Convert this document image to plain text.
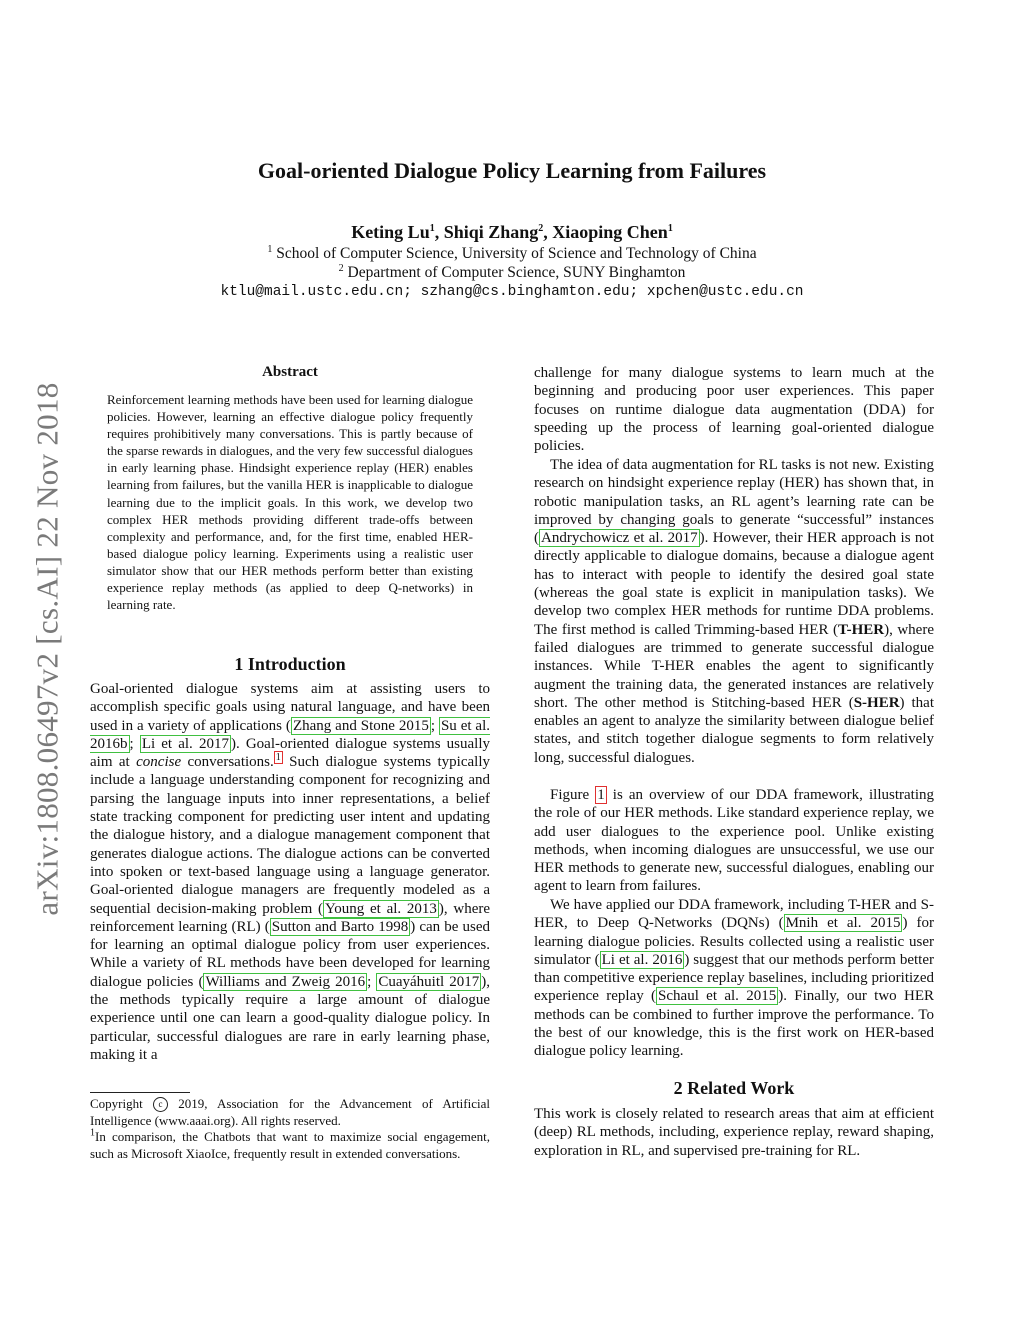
arXiv:1808.06497v2 [cs.AI] 22 Nov 2018
Goal-oriented Dialogue Policy Learning from Failures

Keting Lu$^1$, Shiqi Zhang$^2$, Xiaoping Chen$^1$

$^1$ School of Computer Science, University of Science and Technology of China

$^2$ Department of Computer Science, SUNY Binghamton

ktlu@mail.ustc.edu.cn; szhang@cs.binghamton.edu; xpchen@ustc.edu.cn

Abstract

Reinforcement learning methods have been used for learning dialogue policies. However, learning an effective dialogue policy frequently requires prohibitively many conversations. This is partly because of the sparse rewards in dialogues, and the very few successful dialogues in early learning phase. Hindsight experience replay (HER) enables learning from failures, but the vanilla HER is inapplicable to dialogue learning due to the implicit goals. In this work, we develop two complex HER methods providing different trade-offs between complexity and performance, and, for the first time, enabled HER-based dialogue policy learning. Experiments using a realistic user simulator show that our HER methods perform better than existing experience replay methods (as applied to deep Q-networks) in learning rate.

1 Introduction

Goal-oriented dialogue systems aim at assisting users to accomplish specific goals using natural language, and have been used in a variety of applications ( Zhang and Stone 2015 ; Su et al. 2016b ; Li et al. 2017 ). Goal-oriented dialogue systems usually aim at concise conversations. $^1$ Such dialogue systems typically include a language understanding component for recognizing and parsing the language inputs into inner representations, a belief state tracking component for predicting user intent and updating the dialogue history, and a dialogue management component that generates dialogue actions. The dialogue actions can be converted into spoken or text-based language using a language generator. Goal-oriented dialogue managers are frequently modeled as a sequential decision-making problem ( Young et al. 2013 ), where reinforcement learning (RL) ( Sutton and Barto 1998 ) can be used for learning an optimal dialogue policy from user experiences. While a variety of RL methods have been developed for learning dialogue policies ( Williams and Zweig 2016 ; Cuayáhuitl 2017 ), the methods typically require a large amount of dialogue experience until one can learn a good-quality dialogue policy. In particular, successful dialogues are rare in early learning phase, making it a

Copyright c 2019, Association for the Advancement of Artificial Intelligence (www.aaai.org). All rights reserved.

$^1$In comparison, the Chatbots that want to maximize social engagement, such as Microsoft XiaoIce, frequently result in extended conversations.

challenge for many dialogue systems to learn much at the beginning and producing poor user experiences. This paper focuses on runtime dialogue data augmentation (DDA) for speeding up the process of learning goal-oriented dialogue policies.

The idea of data augmentation for RL tasks is not new. Existing research on hindsight experience replay (HER) has shown that, in robotic manipulation tasks, an RL agent’s learning rate can be improved by changing goals to generate “successful” instances ( Andrychowicz et al. 2017 ). However, their HER approach is not directly applicable to dialogue domains, because a dialogue agent has to interact with people to identify the desired goal state (whereas the goal state is explicit in manipulation tasks). We develop two complex HER methods for runtime DDA problems. The first method is called Trimming-based HER (T-HER), where failed dialogues are trimmed to generate successful dialogue instances. While T-HER enables the agent to significantly augment the training data, the generated instances are relatively short. The other method is Stitching-based HER (S-HER) that enables an agent to analyze the similarity between dialogue belief states, and stitch together dialogue segments to form relatively long, successful dialogues.

Figure 1 is an overview of our DDA framework, illustrating the role of our HER methods. Like standard experience replay, we add user dialogues to the experience pool. Unlike existing methods, when incoming dialogues are unsuccessful, we use our HER methods to generate new, successful dialogues, enabling our agent to learn from failures.

We have applied our DDA framework, including T-HER and S-HER, to Deep Q-Networks (DQNs) ( Mnih et al. 2015 ) for learning dialogue policies. Results collected using a realistic user simulator ( Li et al. 2016 ) suggest that our methods perform better than competitive experience replay baselines, including prioritized experience replay ( Schaul et al. 2015 ). Finally, our two HER methods can be combined to further improve the performance. To the best of our knowledge, this is the first work on HER-based dialogue policy learning.

2 Related Work

This work is closely related to research areas that aim at efficient (deep) RL methods, including, experience replay, reward shaping, exploration in RL, and supervised pre-training for RL.
